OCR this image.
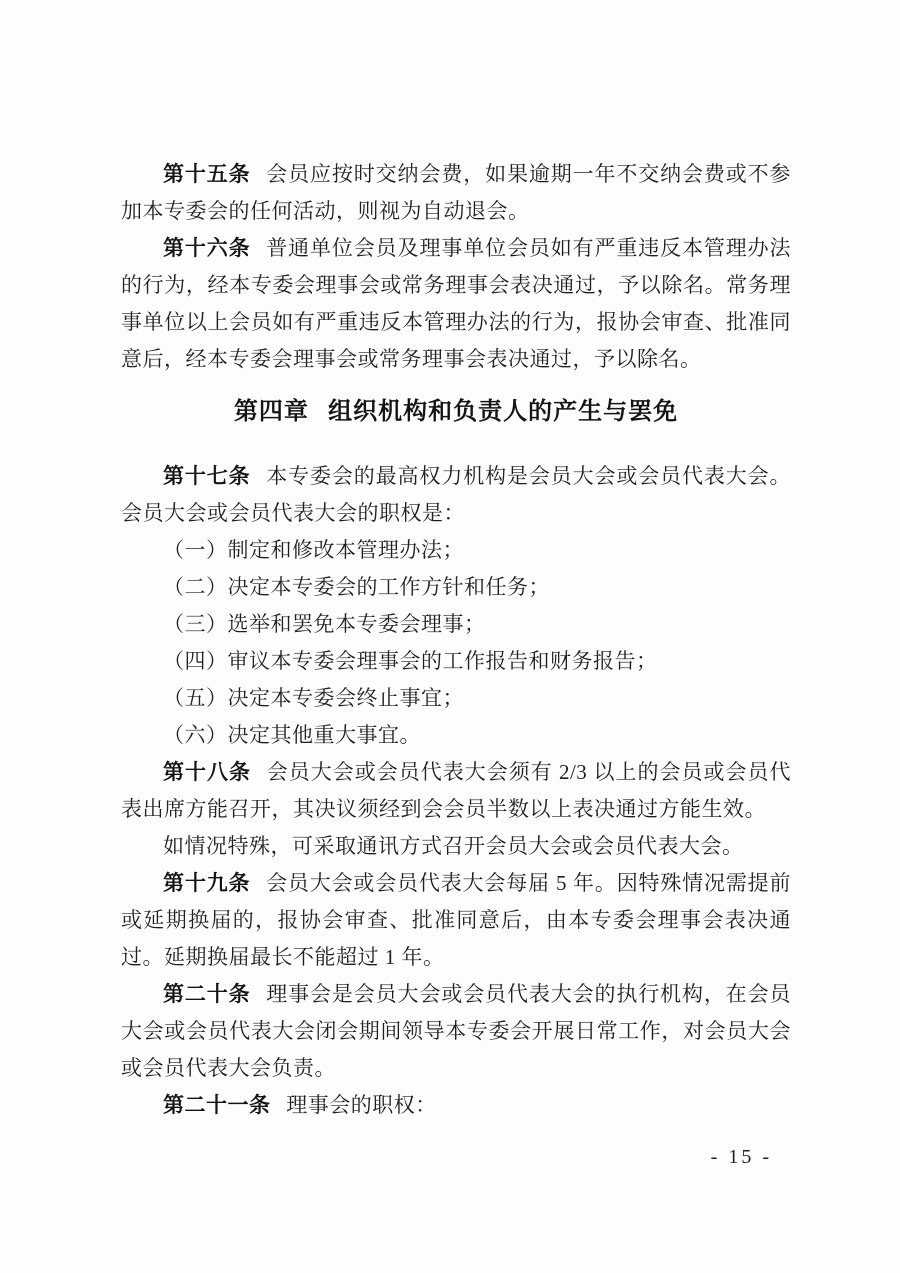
第十五条 会员应按时交纳会费，如果逾期一年不交纳会费或不参加本专委会的任何活动，则视为自动退会。

第十六条 普通单位会员及理事单位会员如有严重违反本管理办法的行为，经本专委会理事会或常务理事会表决通过，予以除名。常务理事单位以上会员如有严重违反本管理办法的行为，报协会审查、批准同意后，经本专委会理事会或常务理事会表决通过，予以除名。

第四章 组织机构和负责人的产生与罢免

第十七条 本专委会的最高权力机构是会员大会或会员代表大会。会员大会或会员代表大会的职权是：

（一）制定和修改本管理办法；

（二）决定本专委会的工作方针和任务；

（三）选举和罢免本专委会理事；

（四）审议本专委会理事会的工作报告和财务报告；

（五）决定本专委会终止事宜；

（六）决定其他重大事宜。

第十八条 会员大会或会员代表大会须有 2/3 以上的会员或会员代表出席方能召开，其决议须经到会会员半数以上表决通过方能生效。

如情况特殊，可采取通讯方式召开会员大会或会员代表大会。

第十九条 会员大会或会员代表大会每届 5 年。因特殊情况需提前或延期换届的，报协会审查、批准同意后，由本专委会理事会表决通过。延期换届最长不能超过 1 年。

第二十条 理事会是会员大会或会员代表大会的执行机构，在会员大会或会员代表大会闭会期间领导本专委会开展日常工作，对会员大会或会员代表大会负责。

第二十一条 理事会的职权：

- 15 -
